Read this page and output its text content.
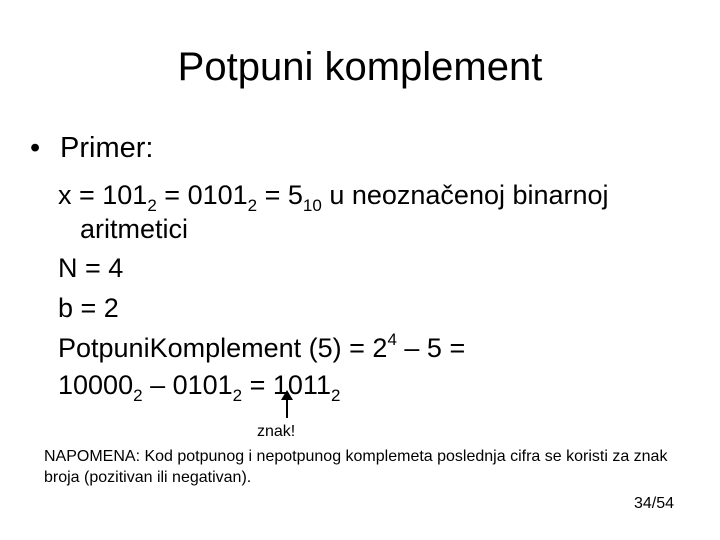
Potpuni komplement
• Primer:
$x = 101_2 = 0101_2 = 5_{10}$ u neoznačenoj binarnoj
aritmetici
N = 4
b = 2
PotpuniKomplement $(5) = 2^4 - 5$ =
$10000_2 - 0101_2 = 1011_2$
znak!
NAPOMENA: Kod potpunog i nepotpunog komplemeta poslednja cifra se koristi za znak broja (pozitivan ili negativan).
34/54
